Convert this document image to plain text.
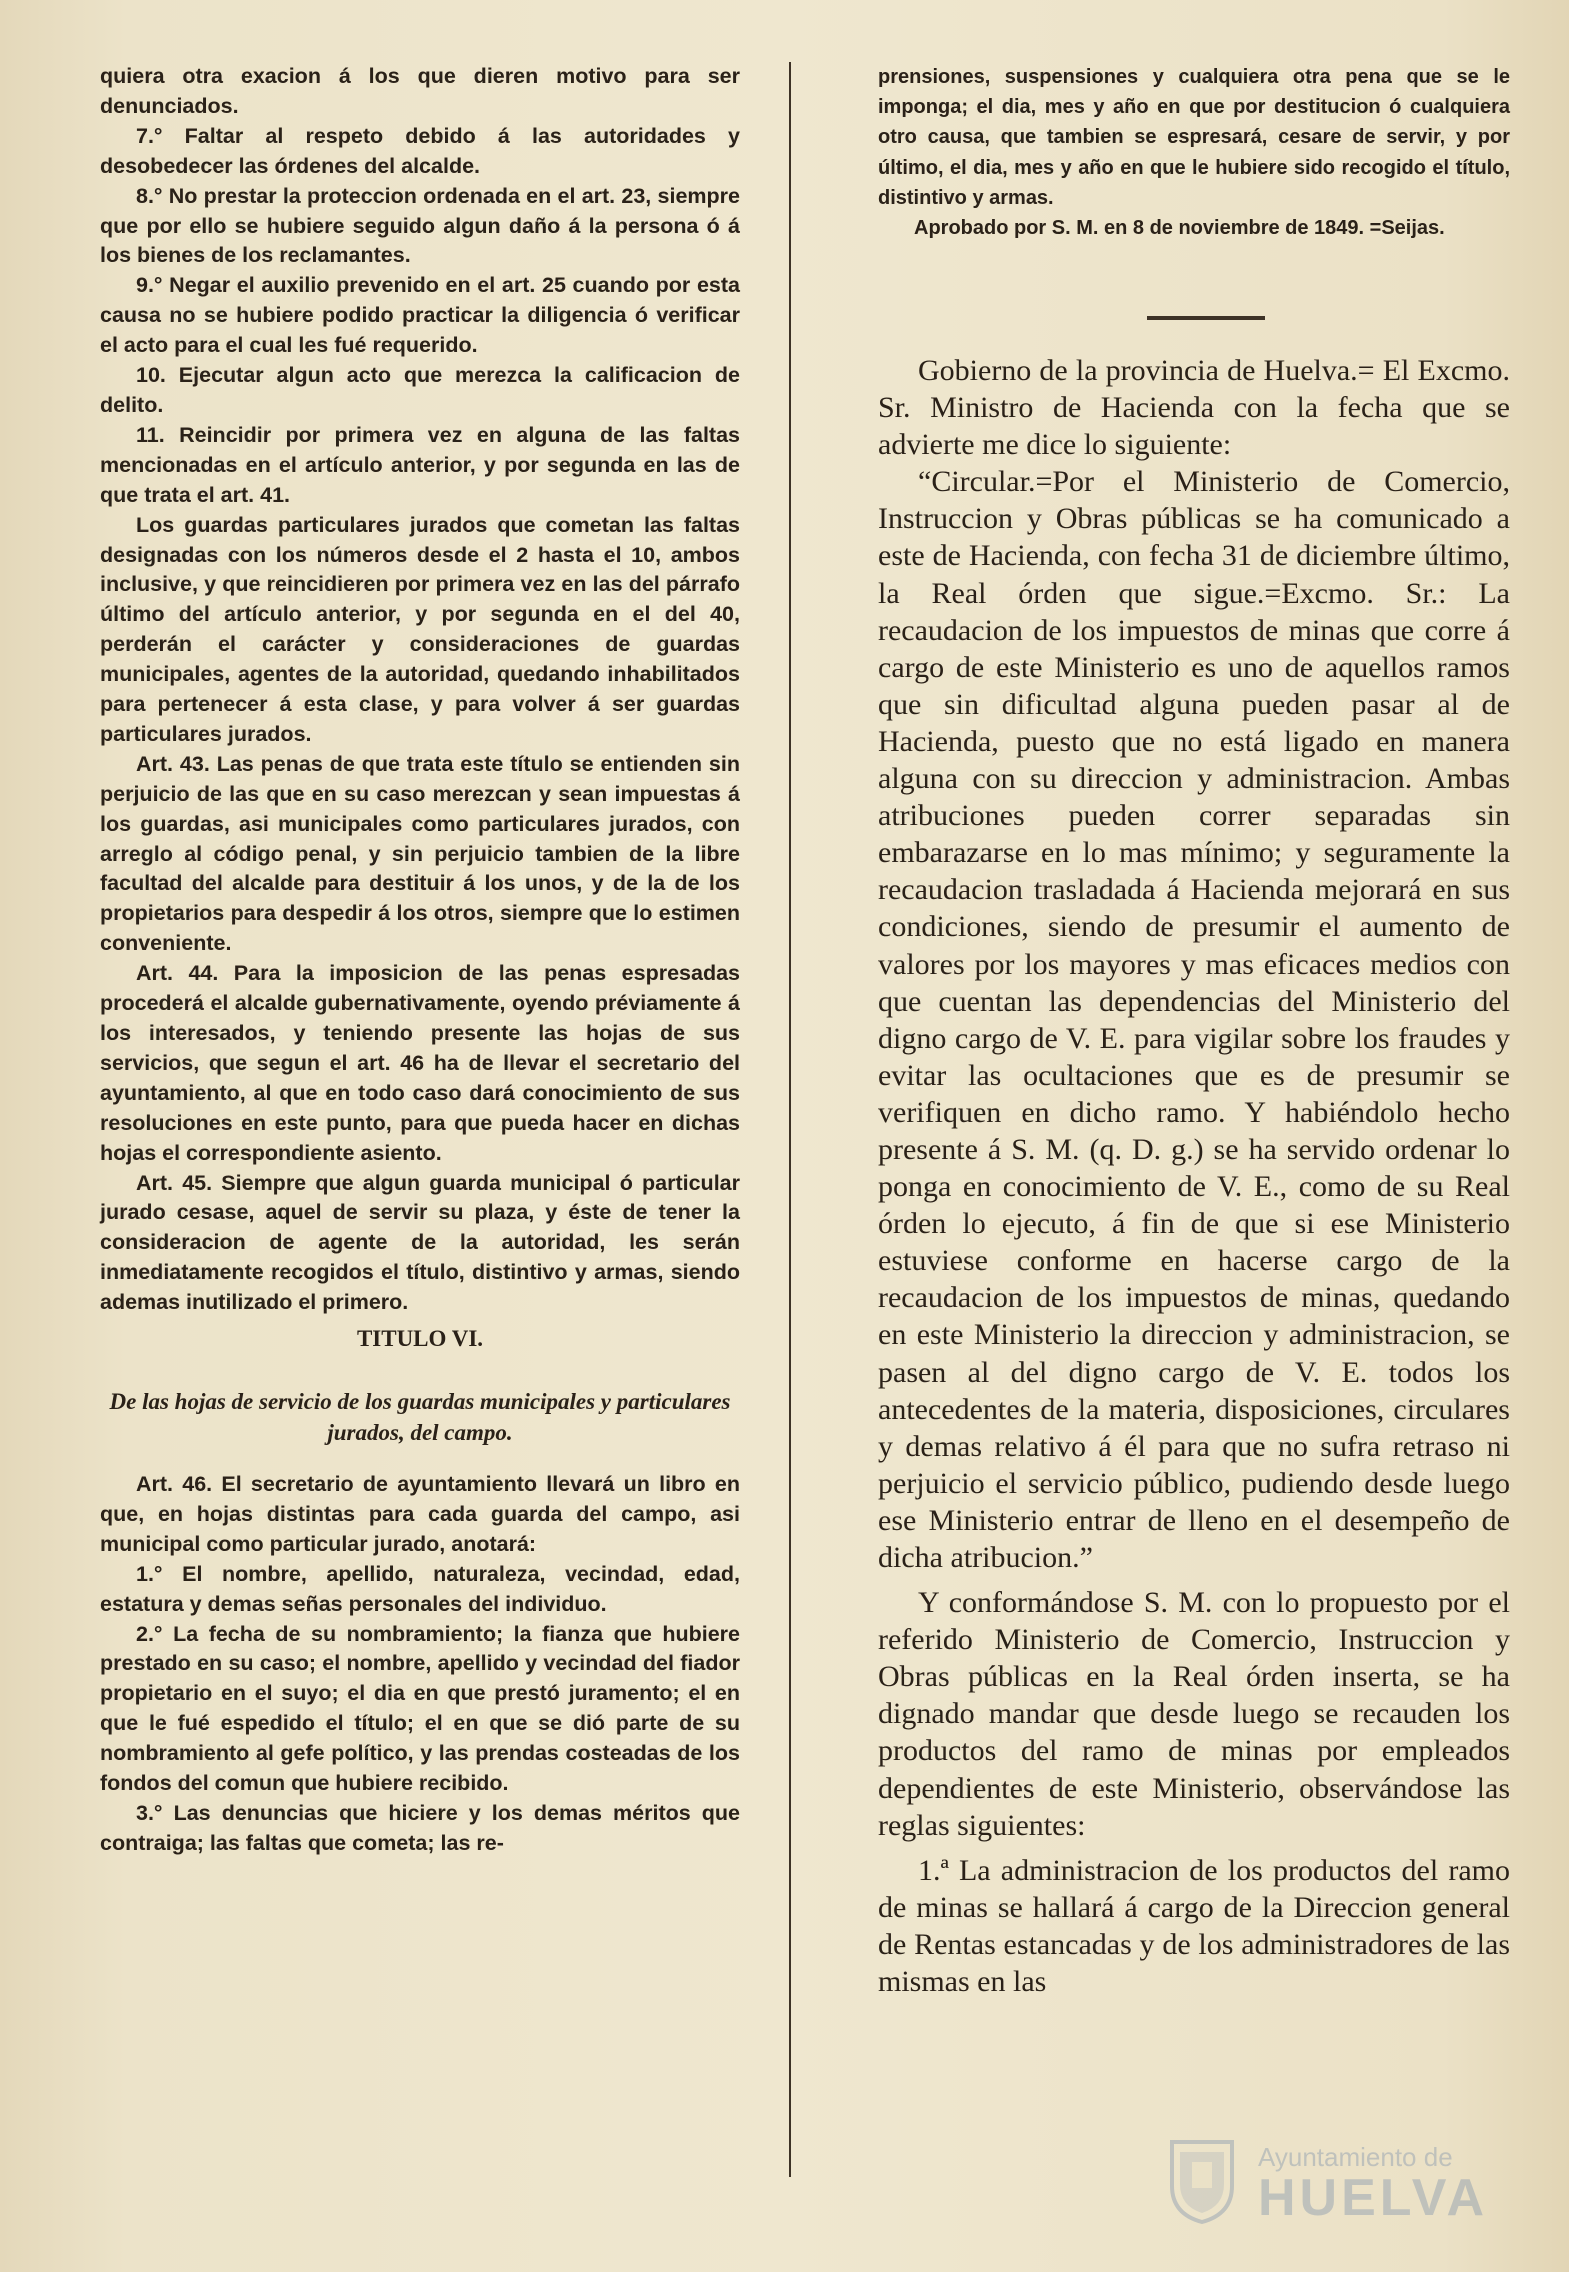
quiera otra exacion á los que dieren motivo para ser denunciados.

7.° Faltar al respeto debido á las autoridades y desobedecer las órdenes del alcalde.

8.° No prestar la proteccion ordenada en el art. 23, siempre que por ello se hubiere seguido algun daño á la persona ó á los bienes de los reclamantes.

9.° Negar el auxilio prevenido en el art. 25 cuando por esta causa no se hubiere podido practicar la diligencia ó verificar el acto para el cual les fué requerido.

10. Ejecutar algun acto que merezca la calificacion de delito.

11. Reincidir por primera vez en alguna de las faltas mencionadas en el artículo anterior, y por segunda en las de que trata el art. 41.

Los guardas particulares jurados que cometan las faltas designadas con los números desde el 2 hasta el 10, ambos inclusive, y que reincidieren por primera vez en las del párrafo último del artículo anterior, y por segunda en el del 40, perderán el carácter y consideraciones de guardas municipales, agentes de la autoridad, quedando inhabilitados para pertenecer á esta clase, y para volver á ser guardas particulares jurados.

Art. 43. Las penas de que trata este título se entienden sin perjuicio de las que en su caso merezcan y sean impuestas á los guardas, asi municipales como particulares jurados, con arreglo al código penal, y sin perjuicio tambien de la libre facultad del alcalde para destituir á los unos, y de la de los propietarios para despedir á los otros, siempre que lo estimen conveniente.

Art. 44. Para la imposicion de las penas espresadas procederá el alcalde gubernativamente, oyendo préviamente á los interesados, y teniendo presente las hojas de sus servicios, que segun el art. 46 ha de llevar el secretario del ayuntamiento, al que en todo caso dará conocimiento de sus resoluciones en este punto, para que pueda hacer en dichas hojas el correspondiente asiento.

Art. 45. Siempre que algun guarda municipal ó particular jurado cesase, aquel de servir su plaza, y éste de tener la consideracion de agente de la autoridad, les serán inmediatamente recogidos el título, distintivo y armas, siendo ademas inutilizado el primero.

TITULO VI.

De las hojas de servicio de los guardas municipales y particulares jurados, del campo.

Art. 46. El secretario de ayuntamiento llevará un libro en que, en hojas distintas para cada guarda del campo, asi municipal como particular jurado, anotará:

1.° El nombre, apellido, naturaleza, vecindad, edad, estatura y demas señas personales del individuo.

2.° La fecha de su nombramiento; la fianza que hubiere prestado en su caso; el nombre, apellido y vecindad del fiador propietario en el suyo; el dia en que prestó juramento; el en que le fué espedido el título; el en que se dió parte de su nombramiento al gefe político, y las prendas costeadas de los fondos del comun que hubiere recibido.

3.° Las denuncias que hiciere y los demas méritos que contraiga; las faltas que cometa; las re-

prensiones, suspensiones y cualquiera otra pena que se le imponga; el dia, mes y año en que por destitucion ó cualquiera otro causa, que tambien se espresará, cesare de servir, y por último, el dia, mes y año en que le hubiere sido recogido el título, distintivo y armas.

Aprobado por S. M. en 8 de noviembre de 1849. =Seijas.

Gobierno de la provincia de Huelva.= El Excmo. Sr. Ministro de Hacienda con la fecha que se advierte me dice lo siguiente:

“Circular.=Por el Ministerio de Comercio, Instruccion y Obras públicas se ha comunicado a este de Hacienda, con fecha 31 de diciembre último, la Real órden que sigue.=Excmo. Sr.: La recaudacion de los impuestos de minas que corre á cargo de este Ministerio es uno de aquellos ramos que sin dificultad alguna pueden pasar al de Hacienda, puesto que no está ligado en manera alguna con su direccion y administracion. Ambas atribuciones pueden correr separadas sin embarazarse en lo mas mínimo; y seguramente la recaudacion trasladada á Hacienda mejorará en sus condiciones, siendo de presumir el aumento de valores por los mayores y mas eficaces medios con que cuentan las dependencias del Ministerio del digno cargo de V. E. para vigilar sobre los fraudes y evitar las ocultaciones que es de presumir se verifiquen en dicho ramo. Y habiéndolo hecho presente á S. M. (q. D. g.) se ha servido ordenar lo ponga en conocimiento de V. E., como de su Real órden lo ejecuto, á fin de que si ese Ministerio estuviese conforme en hacerse cargo de la recaudacion de los impuestos de minas, quedando en este Ministerio la direccion y administracion, se pasen al del digno cargo de V. E. todos los antecedentes de la materia, disposiciones, circulares y demas relativo á él para que no sufra retraso ni perjuicio el servicio público, pudiendo desde luego ese Ministerio entrar de lleno en el desempeño de dicha atribucion.”

Y conformándose S. M. con lo propuesto por el referido Ministerio de Comercio, Instruccion y Obras públicas en la Real órden inserta, se ha dignado mandar que desde luego se recauden los productos del ramo de minas por empleados dependientes de este Ministerio, observándose las reglas siguientes:

1.ª La administracion de los productos del ramo de minas se hallará á cargo de la Direccion general de Rentas estancadas y de los administradores de las mismas en las

Ayuntamiento de
HUELVA
